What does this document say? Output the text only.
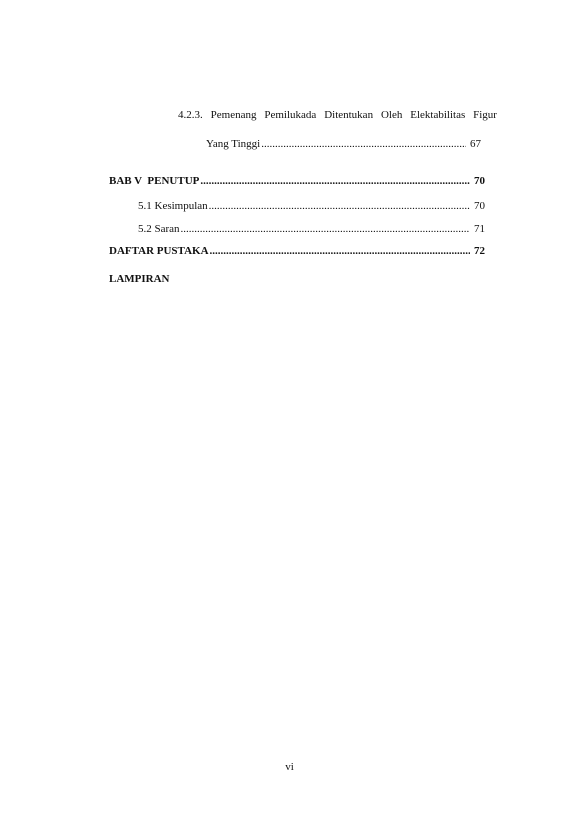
4.2.3. Pemenang Pemilukada Ditentukan Oleh Elektabilitas Figur
Yang Tinggi .....	67
BAB V  PENUTUP .....	70
5.1 Kesimpulan .....	70
5.2 Saran .....	71
DAFTAR PUSTAKA .....	72
LAMPIRAN
vi
